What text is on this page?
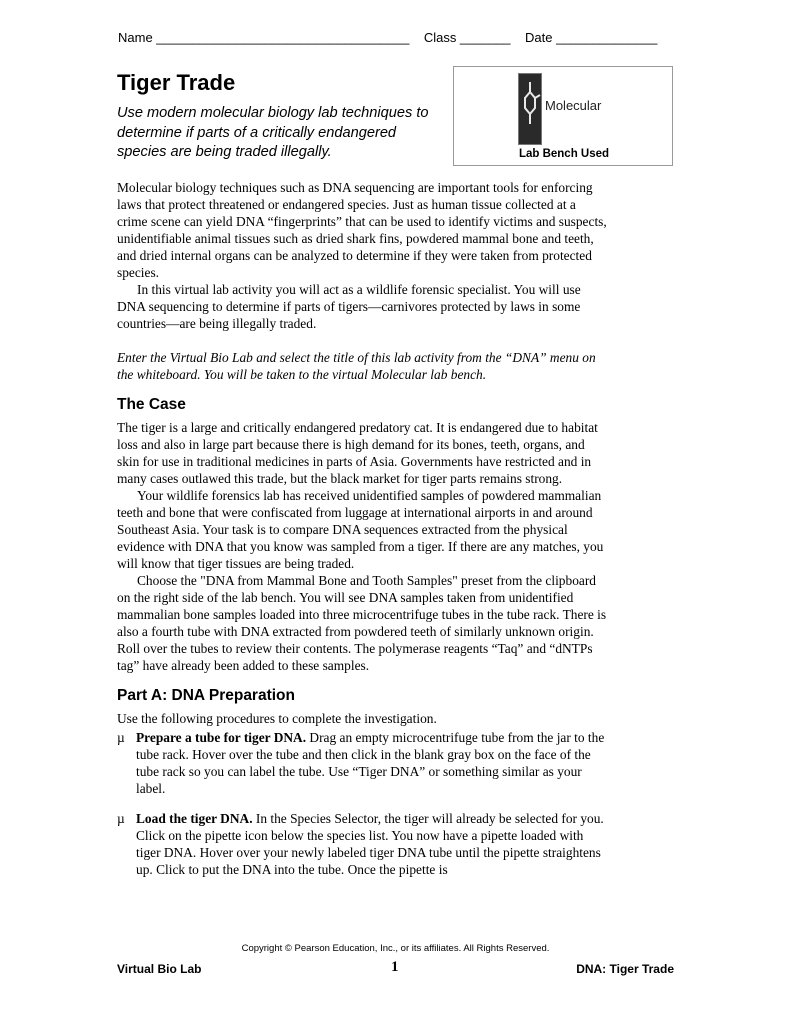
Name ___________________________________ Class _______ Date ______________
Tiger Trade

Use modern molecular biology lab techniques to determine if parts of a critically endangered species are being traded illegally.

Molecular
Lab Bench Used

Molecular biology techniques such as DNA sequencing are important tools for enforcing laws that protect threatened or endangered species. Just as human tissue collected at a crime scene can yield DNA “fingerprints” that can be used to identify victims and suspects, unidentifiable animal tissues such as dried shark fins, powdered mammal bone and teeth, and dried internal organs can be analyzed to determine if they were taken from protected species.

In this virtual lab activity you will act as a wildlife forensic specialist. You will use DNA sequencing to determine if parts of tigers—carnivores protected by laws in some countries—are being illegally traded.

Enter the Virtual Bio Lab and select the title of this lab activity from the “DNA” menu on the whiteboard. You will be taken to the virtual Molecular lab bench.

The Case

The tiger is a large and critically endangered predatory cat. It is endangered due to habitat loss and also in large part because there is high demand for its bones, teeth, organs, and skin for use in traditional medicines in parts of Asia. Governments have restricted and in many cases outlawed this trade, but the black market for tiger parts remains strong.

Your wildlife forensics lab has received unidentified samples of powdered mammalian teeth and bone that were confiscated from luggage at international airports in and around Southeast Asia. Your task is to compare DNA sequences extracted from the physical evidence with DNA that you know was sampled from a tiger. If there are any matches, you will know that tiger tissues are being traded.

Choose the "DNA from Mammal Bone and Tooth Samples" preset from the clipboard on the right side of the lab bench. You will see DNA samples taken from unidentified mammalian bone samples loaded into three microcentrifuge tubes in the tube rack. There is also a fourth tube with DNA extracted from powdered teeth of similarly unknown origin. Roll over the tubes to review their contents. The polymerase reagents “Taq” and “dNTPs tag” have already been added to these samples.

Part A: DNA Preparation

Use the following procedures to complete the investigation.

µ Prepare a tube for tiger DNA. Drag an empty microcentrifuge tube from the jar to the tube rack. Hover over the tube and then click in the blank gray box on the face of the tube rack so you can label the tube. Use “Tiger DNA” or something similar as your label.
µ Load the tiger DNA. In the Species Selector, the tiger will already be selected for you. Click on the pipette icon below the species list. You now have a pipette loaded with tiger DNA. Hover over your newly labeled tiger DNA tube until the pipette straightens up. Click to put the DNA into the tube. Once the pipette is
Copyright © Pearson Education, Inc., or its affiliates. All Rights Reserved.
Virtual Bio Lab	1	DNA: Tiger Trade
